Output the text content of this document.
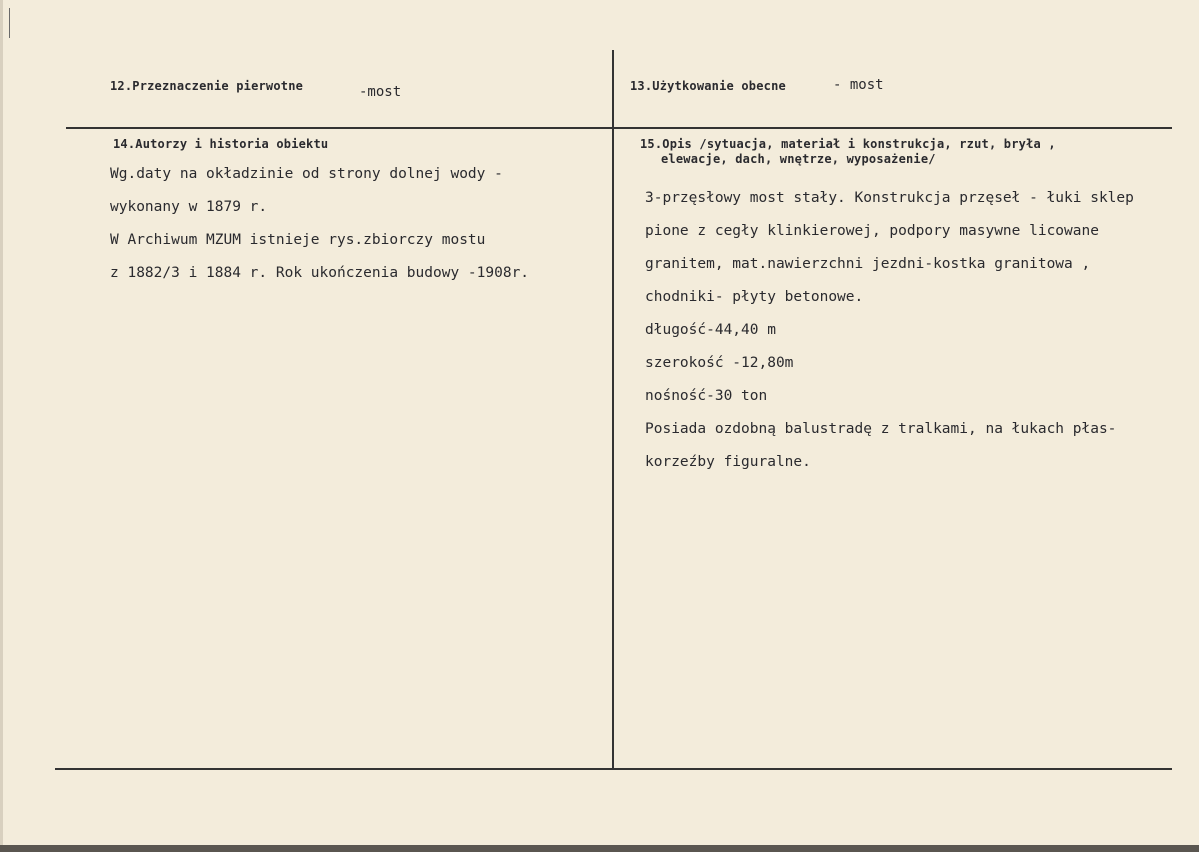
12.Przeznaczenie pierwotne	-most	13.Użytkowanie obecne	- most
14.Autorzy i historia obiektu
Wg.daty na okładzinie od strony dolnej wody -
wykonany w 1879 r.
W Archiwum MZUM istnieje rys.zbiorczy mostu
z 1882/3 i 1884 r. Rok ukończenia budowy -1908r.
15.Opis /sytuacja, materiał i konstrukcja, rzut, bryła ,
elewacje, dach, wnętrze, wyposażenie/
3-przęsłowy most stały. Konstrukcja przęseł - łuki sklep
pione z cegły klinkierowej, podpory masywne licowane
granitem, mat.nawierzchni jezdni-kostka granitowa ,
chodniki- płyty betonowe.
długość-44,40 m
szerokość -12,80m
nośność-30 ton
Posiada ozdobną balustradę z tralkami, na łukach płas-
korzeźby figuralne.
